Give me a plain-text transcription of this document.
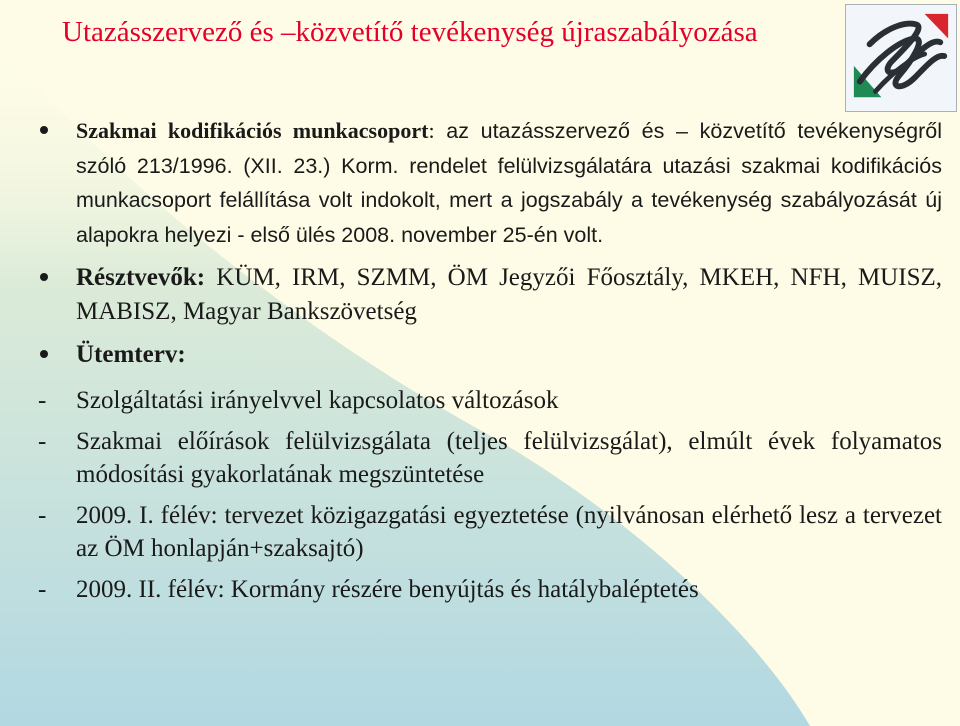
Utazásszervező és –közvetítő tevékenység újraszabályozása

Szakmai kodifikációs munkacsoport: az utazásszervező és – közvetítő tevékenységről szóló 213/1996. (XII. 23.) Korm. rendelet felülvizsgálatára utazási szakmai kodifikációs munkacsoport felállítása volt indokolt, mert a jogszabály a tevékenység szabályozását új alapokra helyezi - első ülés 2008. november 25-én volt.

Résztvevők: KÜM, IRM, SZMM, ÖM Jegyzői Főosztály, MKEH, NFH, MUISZ, MABISZ, Magyar Bankszövetség

Ütemterv:

- Szolgáltatási irányelvvel kapcsolatos változások

- Szakmai előírások felülvizsgálata (teljes felülvizsgálat), elmúlt évek folyamatos módosítási gyakorlatának megszüntetése

- 2009. I. félév: tervezet közigazgatási egyeztetése (nyilvánosan elérhető lesz a tervezet az ÖM honlapján+szaksajtó)

- 2009. II. félév: Kormány részére benyújtás és hatálybaléptetés
